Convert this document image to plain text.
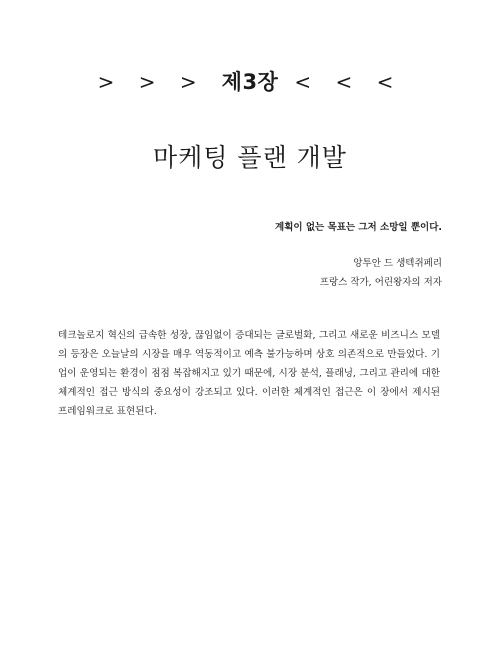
> > > 제3장 < < <
마케팅 플랜 개발
계획이 없는 목표는 그저 소망일 뿐이다.
앙투안 드 생텍쥐페리
프랑스 작가, 어린왕자의 저자

테크놀로지 혁신의 급속한 성장, 끊임없이 증대되는 글로벌화, 그리고 새로운 비즈니스 모델의 등장은 오늘날의 시장을 매우 역동적이고 예측 불가능하며 상호 의존적으로 만들었다. 기업이 운영되는 환경이 점점 복잡해지고 있기 때문에, 시장 분석, 플래닝, 그리고 관리에 대한 체계적인 접근 방식의 중요성이 강조되고 있다. 이러한 체계적인 접근은 이 장에서 제시된 프레임워크로 표현된다.
